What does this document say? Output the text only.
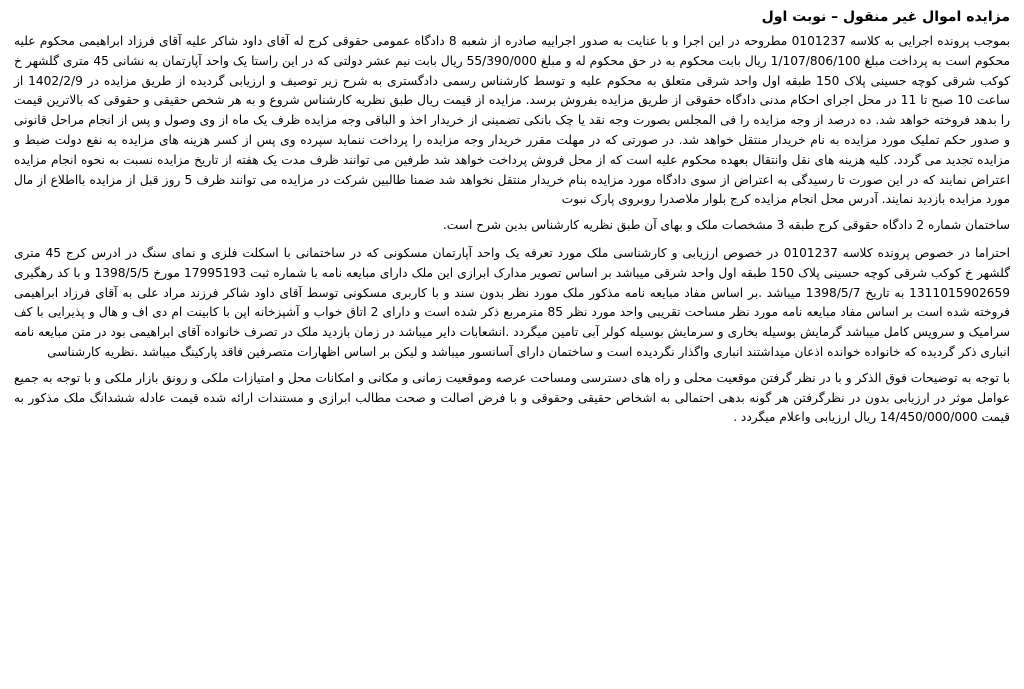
مزایده اموال غیر منقول – نوبت اول

بموجب پرونده اجرایی به کلاسه 0101237 مطروحه در این اجرا و با عنایت به صدور اجراییه صادره از شعبه 8 دادگاه عمومی حقوقی کرج له آقای داود شاکر علیه آقای فرزاد ابراهیمی محکوم علیه محکوم است به پرداخت مبلغ 1/107/806/100 ریال بابت محکوم به در حق محکوم له و مبلغ 55/390/000 ریال بابت نیم عشر دولتی که در این راستا یک واحد آپارتمان به نشانی 45 متری گلشهر خ کوکب شرقی کوچه حسینی پلاک 150 طبقه اول واحد شرقی متعلق به محکوم علیه و توسط کارشناس رسمی دادگستری به شرح زیر توصیف و ارزیابی گردیده از طریق مزایده در 1402/2/9 از ساعت 10 صبح تا 11 در محل اجرای احکام مدنی دادگاه حقوقی از طریق مزایده بفروش برسد. مزایده از قیمت ریال طبق نظریه کارشناس شروع و به هر شخص حقیقی و حقوقی که بالاترین قیمت را بدهد فروخته خواهد شد. ده درصد از وجه مزایده را فی المجلس بصورت وجه نقد یا چک بانکی تضمینی از خریدار اخذ و الباقی وجه مزایده ظرف یک ماه از وی وصول و پس از انجام مراحل قانونی و صدور حکم تملیک مورد مزایده به نام خریدار منتقل خواهد شد. در صورتی که در مهلت مقرر خریدار وجه مزایده را پرداخت ننماید سپرده وی پس از کسر هزینه های مزایده به نفع دولت ضبط و مزایده تجدید می گردد. کلیه هزینه های نقل وانتقال بعهده محکوم علیه است که از محل فروش پرداخت خواهد شد طرفین می توانند ظرف مدت یک هفته از تاریخ مزایده نسبت به نحوه انجام مزایده اعتراض نمایند که در این صورت تا رسیدگی به اعتراض از سوی دادگاه مورد مزایده بنام خریدار منتقل نخواهد شد ضمنا طالبین شرکت در مزایده می توانند ظرف 5 روز قبل از مزایده بااطلاع از مال مورد مزایده بازدید نمایند. آدرس محل انجام مزایده کرج بلوار ملاصدرا روبروی پارک نبوت

ساختمان شماره 2 دادگاه حقوقی کرج طبقه 3 مشخصات ملک و بهای آن طبق نظریه کارشناس بدین شرح است.

احتراما در خصوص پرونده کلاسه 0101237 در خصوص ارزیابی و کارشناسی ملک مورد تعرفه یک واحد آپارتمان مسکونی که در ساختمانی با اسکلت فلزی و نمای سنگ در ادرس کرج 45 متری گلشهر خ کوکب شرقی کوچه حسینی پلاک 150 طبقه اول واحد شرقی میباشد بر اساس تصویر مدارک ابرازی این ملک دارای مبایعه نامه با شماره ثبت 17995193 مورخ 1398/5/5 و با کد رهگیری 1311015902659 به تاریخ 1398/5/7 میباشد .بر اساس مفاد مبایعه نامه مذکور ملک مورد نظر بدون سند و با کاربری مسکونی توسط آقای داود شاکر فرزند مراد علی به آقای فرزاد ابراهیمی فروخته شده است بر اساس مفاد مبایعه نامه مورد نظر مساحت تقریبی واحد مورد نظر 85 مترمربع ذکر شده است و دارای 2 اتاق خواب و آشپزخانه اپن با کابینت ام دی اف و هال و پذیرایی با کف سرامیک و سرویس کامل میباشد گرمایش بوسیله بخاری و سرمایش بوسیله کولر آبی تامین میگردد .انشعابات دایر میباشد در زمان بازدید ملک در تصرف خانواده آقای ابراهیمی بود در متن مبایعه نامه انباری ذکر گردیده که خانواده خوانده اذعان میداشتند انباری واگذار نگردیده است و ساختمان دارای آسانسور میباشد و لیکن بر اساس اظهارات متصرفین فاقد پارکینگ میباشد .نظریه کارشناسی

با توجه به توضیحات فوق الذکر و با در نظر گرفتن موقعیت محلی و راه های دسترسی ومساحت عرصه وموقعیت زمانی و مکانی و امکانات محل و امتیازات ملکی و رونق بازار ملکی و با توجه به جمیع عوامل موثر در ارزیابی بدون در نظرگرفتن هر گونه بدهی احتمالی به اشخاص حقیقی وحقوقی و با فرض اصالت و صحت مطالب ابرازی و مستندات ارائه شده قیمت عادله ششدانگ ملک مذکور به قیمت 14/450/000/000 ریال ارزیابی واعلام میگردد .
